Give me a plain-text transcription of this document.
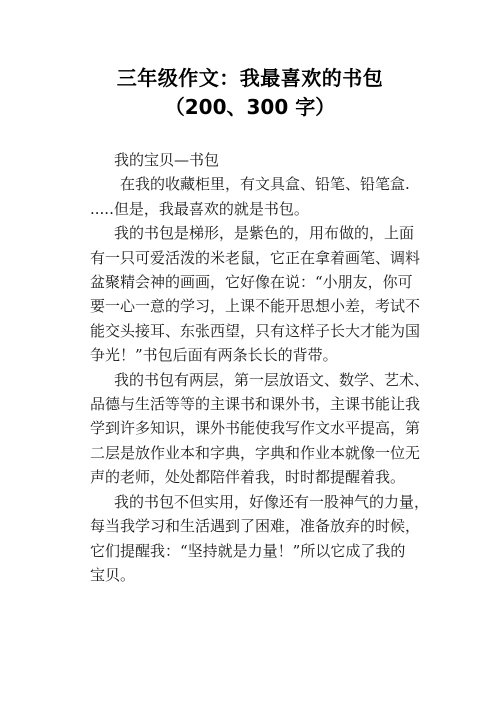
三年级作文：我最喜欢的书包
（200、300 字）

我的宝贝—书包

在我的收藏柜里，有文具盒、铅笔、铅笔盒.
.....但是，我最喜欢的就是书包。

我的书包是梯形，是紫色的，用布做的，上面
有一只可爱活泼的米老鼠，它正在拿着画笔、调料
盆聚精会神的画画，它好像在说：“小朋友，你可
要一心一意的学习，上课不能开思想小差，考试不
能交头接耳、东张西望，只有这样子长大才能为国
争光！”书包后面有两条长长的背带。

我的书包有两层，第一层放语文、数学、艺术、
品德与生活等等的主课书和课外书，主课书能让我
学到许多知识，课外书能使我写作文水平提高，第
二层是放作业本和字典，字典和作业本就像一位无
声的老师，处处都陪伴着我，时时都提醒着我。

我的书包不但实用，好像还有一股神气的力量，
每当我学习和生活遇到了困难，准备放弃的时候，
它们提醒我：“坚持就是力量！”所以它成了我的
宝贝。
